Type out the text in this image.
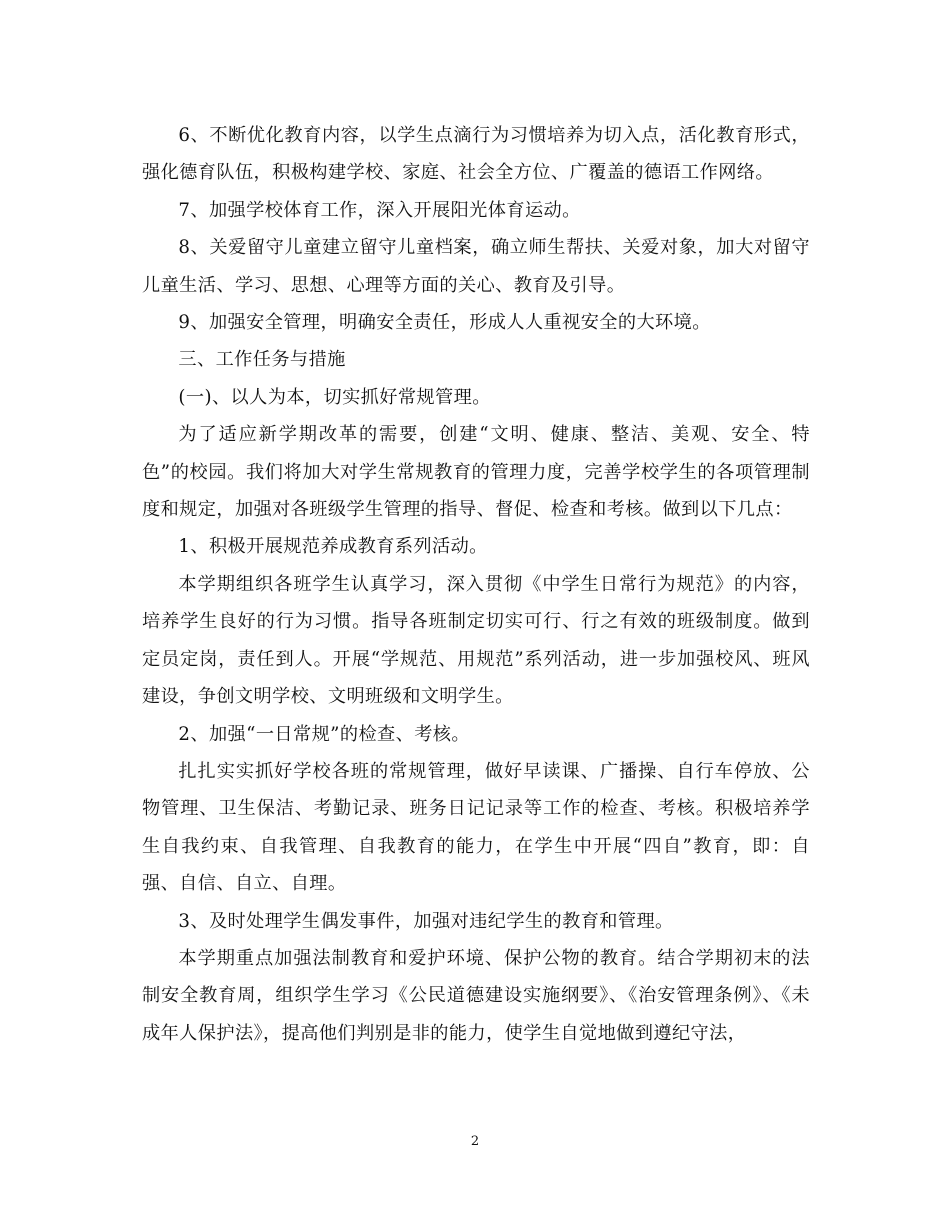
6、不断优化教育内容，以学生点滴行为习惯培养为切入点，活化教育形式，强化德育队伍，积极构建学校、家庭、社会全方位、广覆盖的德语工作网络。

7、加强学校体育工作，深入开展阳光体育运动。

8、关爱留守儿童建立留守儿童档案，确立师生帮扶、关爱对象，加大对留守儿童生活、学习、思想、心理等方面的关心、教育及引导。

9、加强安全管理，明确安全责任，形成人人重视安全的大环境。

三、工作任务与措施

(一)、以人为本，切实抓好常规管理。

为了适应新学期改革的需要，创建“文明、健康、整洁、美观、安全、特色”的校园。我们将加大对学生常规教育的管理力度，完善学校学生的各项管理制度和规定，加强对各班级学生管理的指导、督促、检查和考核。做到以下几点：

1、积极开展规范养成教育系列活动。

本学期组织各班学生认真学习，深入贯彻《中学生日常行为规范》的内容，培养学生良好的行为习惯。指导各班制定切实可行、行之有效的班级制度。做到定员定岗，责任到人。开展“学规范、用规范”系列活动，进一步加强校风、班风建设，争创文明学校、文明班级和文明学生。

2、加强“一日常规”的检查、考核。

扎扎实实抓好学校各班的常规管理，做好早读课、广播操、自行车停放、公物管理、卫生保洁、考勤记录、班务日记记录等工作的检查、考核。积极培养学生自我约束、自我管理、自我教育的能力，在学生中开展“四自”教育，即：自强、自信、自立、自理。

3、及时处理学生偶发事件，加强对违纪学生的教育和管理。

本学期重点加强法制教育和爱护环境、保护公物的教育。结合学期初末的法制安全教育周，组织学生学习《公民道德建设实施纲要》、《治安管理条例》、《未成年人保护法》，提高他们判别是非的能力，使学生自觉地做到遵纪守法，

2
